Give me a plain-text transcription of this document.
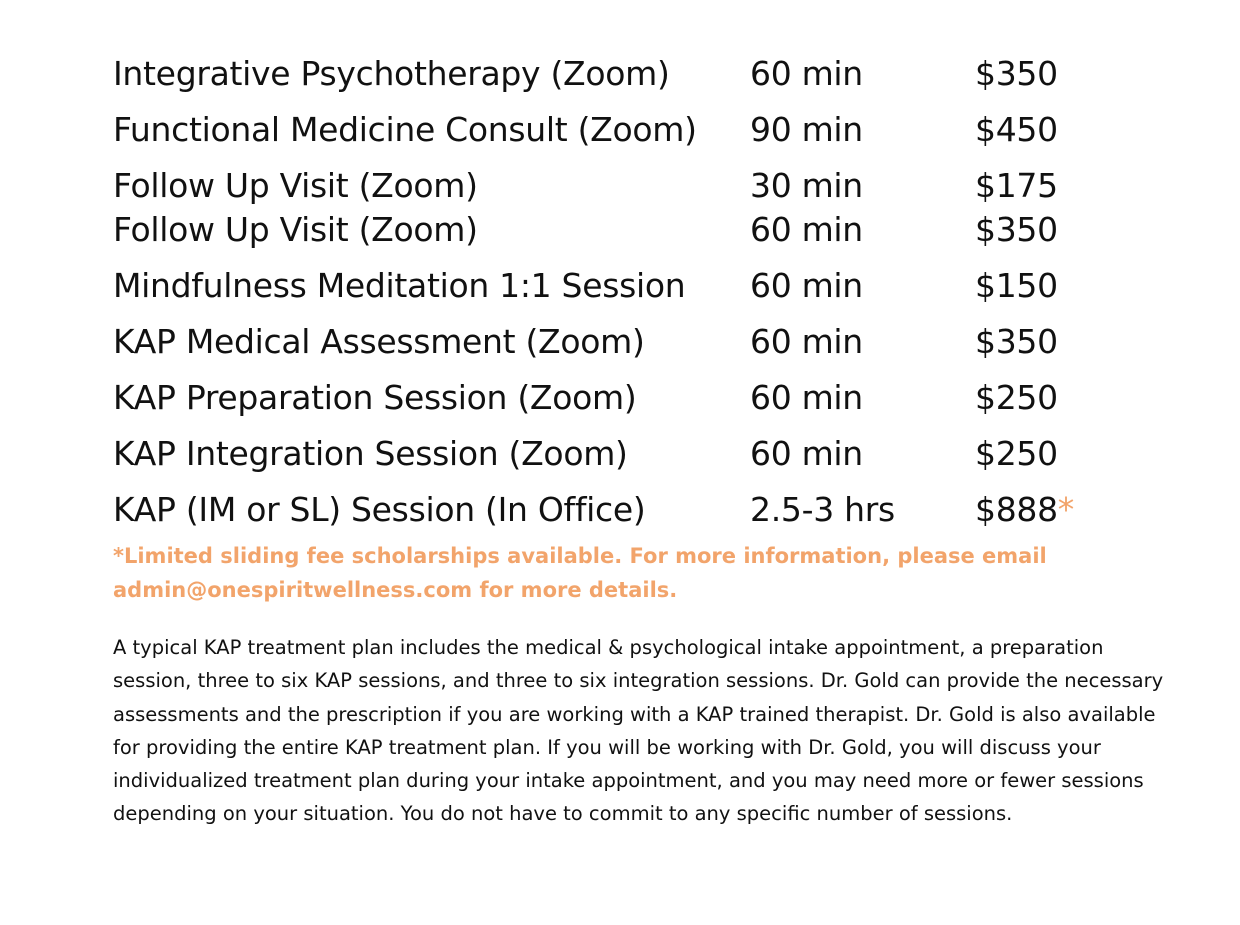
Integrative Psychotherapy (Zoom) 60 min	$350
Functional Medicine Consult (Zoom) 90 min	$450
Follow Up Visit (Zoom)	30 min	$175
Follow Up Visit (Zoom)	60 min	$350
Mindfulness Meditation 1:1 Session 60 min	$150
KAP Medical Assessment (Zoom)	60 min	$350
KAP Preparation Session (Zoom)	60 min	$250
KAP Integration Session (Zoom)	60 min	$250
KAP (IM or SL) Session (In Office)	2.5-3 hrs $888*
*Limited sliding fee scholarships available. For more information, please email admin@onespiritwellness.com for more details.
A typical KAP treatment plan includes the medical & psychological intake appointment, a preparation session, three to six KAP sessions, and three to six integration sessions. Dr. Gold can provide the necessary assessments and the prescription if you are working with a KAP trained therapist. Dr. Gold is also available for providing the entire KAP treatment plan. If you will be working with Dr. Gold, you will discuss your individualized treatment plan during your intake appointment, and you may need more or fewer sessions depending on your situation. You do not have to commit to any specific number of sessions.
